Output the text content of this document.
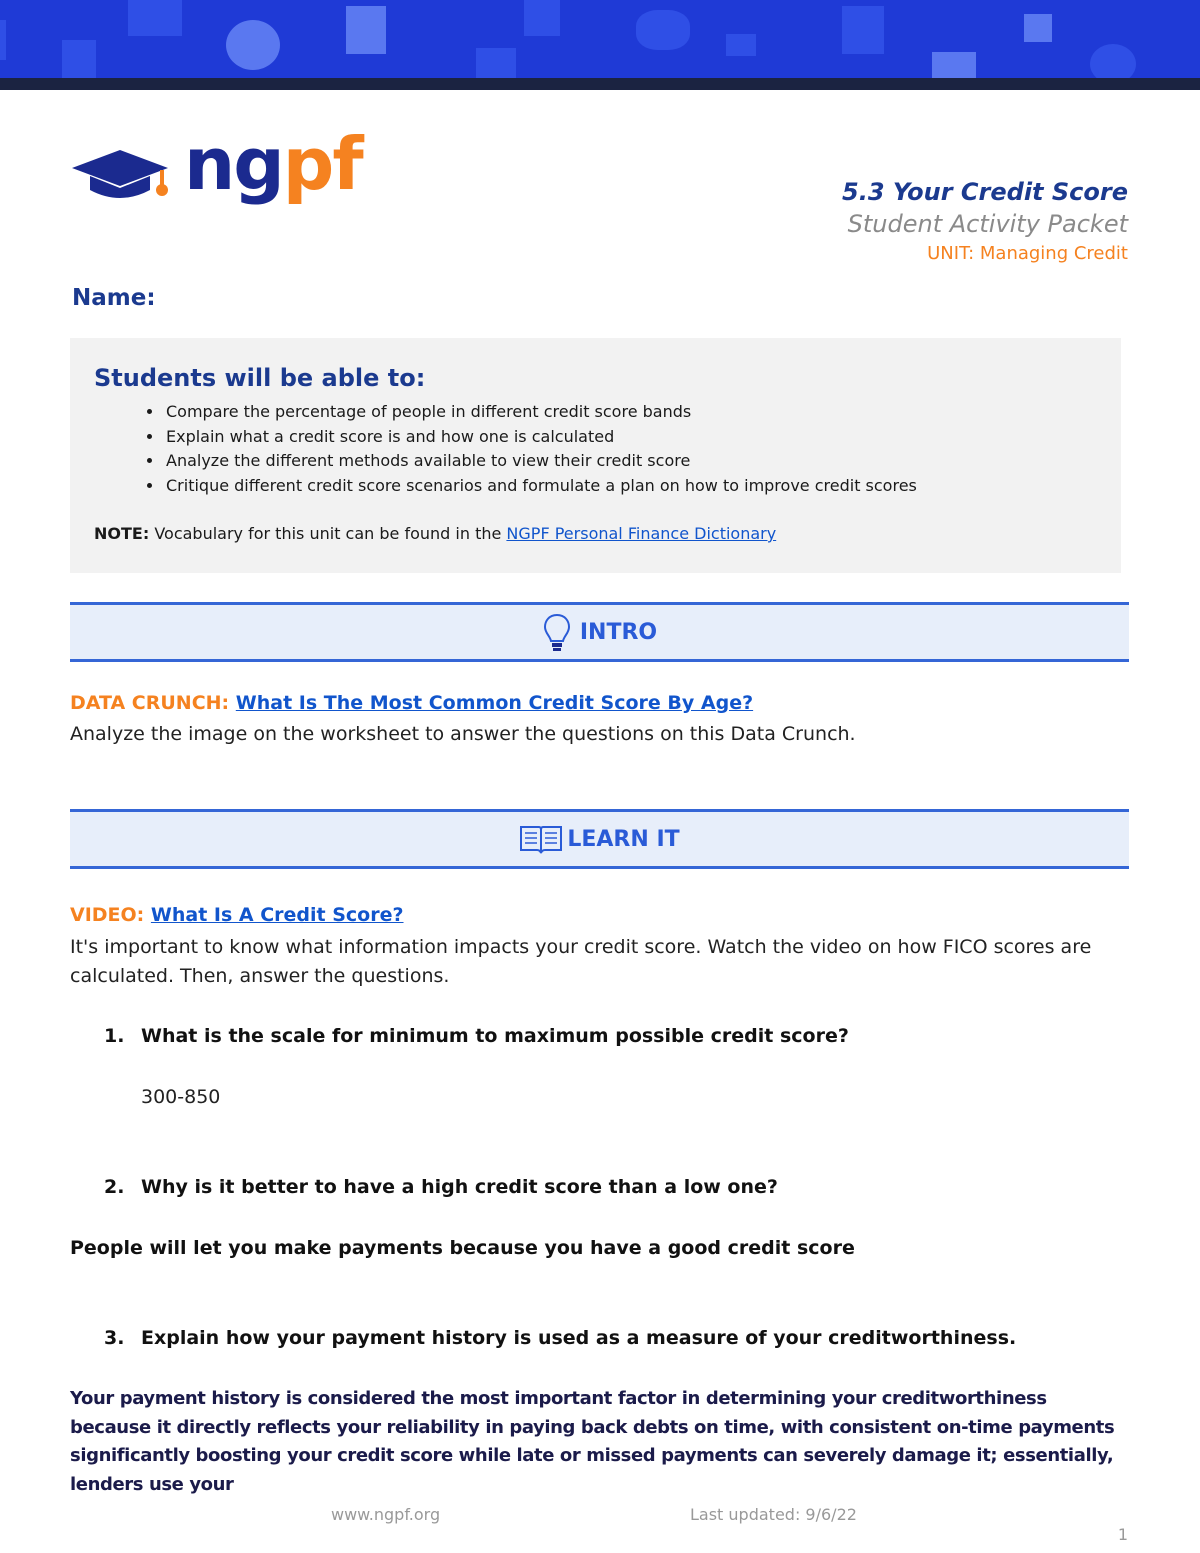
ngpf	5.3 Your Credit Score
Student Activity Packet
UNIT: Managing Credit
Name:
Students will be able to:
• Compare the percentage of people in different credit score bands
• Explain what a credit score is and how one is calculated
• Analyze the different methods available to view their credit score
• Critique different credit score scenarios and formulate a plan on how to improve credit scores
NOTE: Vocabulary for this unit can be found in the NGPF Personal Finance Dictionary
INTRO
DATA CRUNCH: What Is The Most Common Credit Score By Age?
Analyze the image on the worksheet to answer the questions on this Data Crunch.
LEARN IT
VIDEO: What Is A Credit Score?
It's important to know what information impacts your credit score. Watch the video on how FICO scores are calculated. Then, answer the questions.
1. What is the scale for minimum to maximum possible credit score?
300-850
2. Why is it better to have a high credit score than a low one?
People will let you make payments because you have a good credit score
3. Explain how your payment history is used as a measure of your creditworthiness.
Your payment history is considered the most important factor in determining your creditworthiness because it directly reflects your reliability in paying back debts on time, with consistent on-time payments significantly boosting your credit score while late or missed payments can severely damage it; essentially, lenders use your
www.ngpf.org	Last updated: 9/6/22
1
